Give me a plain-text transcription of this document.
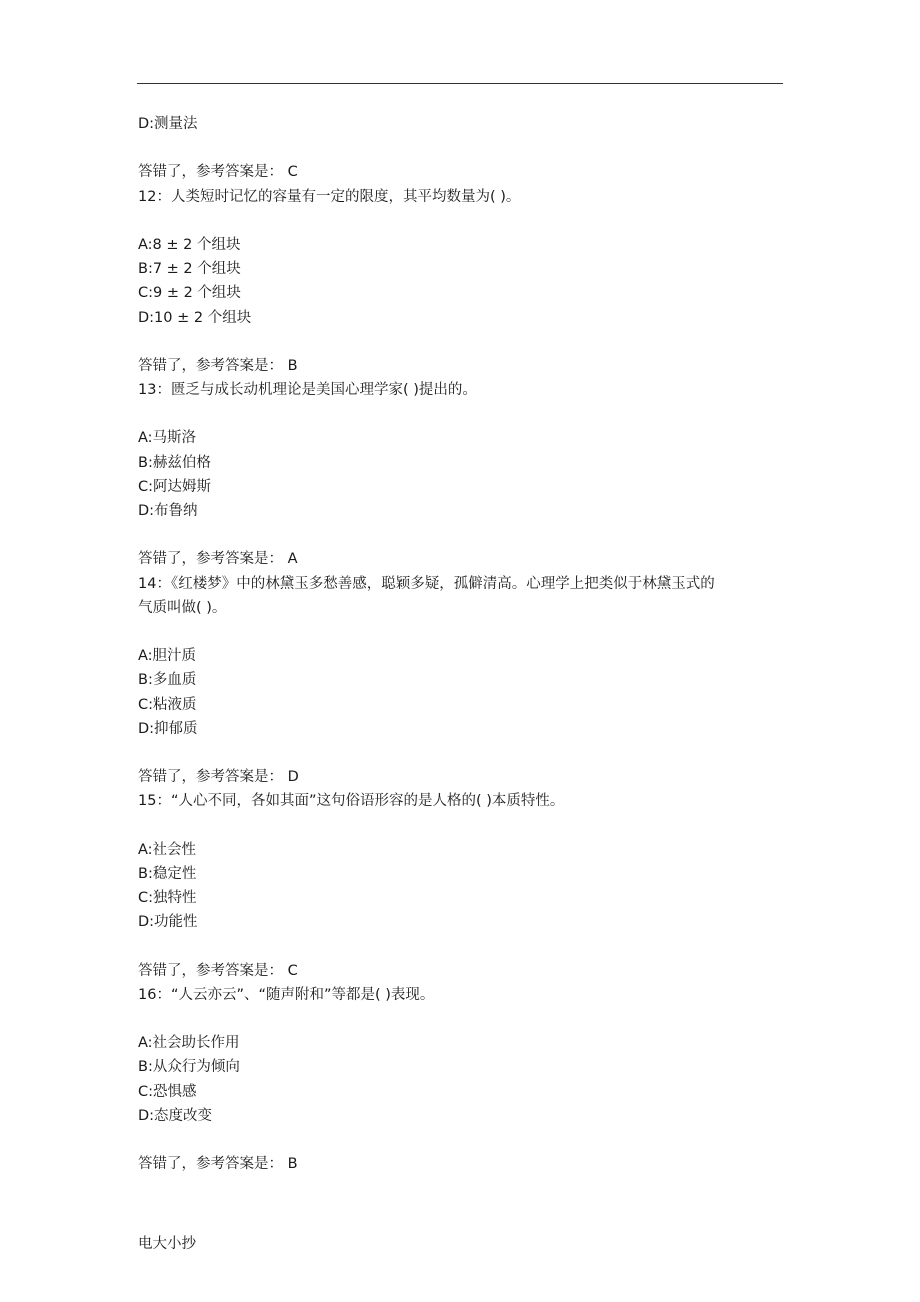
D:测量法
答错了，参考答案是： C
12：人类短时记忆的容量有一定的限度，其平均数量为( )。
A:8 ± 2 个组块
B:7 ± 2 个组块
C:9 ± 2 个组块
D:10 ± 2 个组块
答错了，参考答案是： B
13：匮乏与成长动机理论是美国心理学家( )提出的。
A:马斯洛
B:赫兹伯格
C:阿达姆斯
D:布鲁纳
答错了，参考答案是： A
14：《红楼梦》中的林黛玉多愁善感，聪颖多疑，孤僻清高。心理学上把类似于林黛玉式的
气质叫做( )。
A:胆汁质
B:多血质
C:粘液质
D:抑郁质
答错了，参考答案是： D
15：“人心不同，各如其面”这句俗语形容的是人格的( )本质特性。
A:社会性
B:稳定性
C:独特性
D:功能性
答错了，参考答案是： C
16：“人云亦云”、“随声附和”等都是( )表现。
A:社会助长作用
B:从众行为倾向
C:恐惧感
D:态度改变
答错了，参考答案是： B
电大小抄
